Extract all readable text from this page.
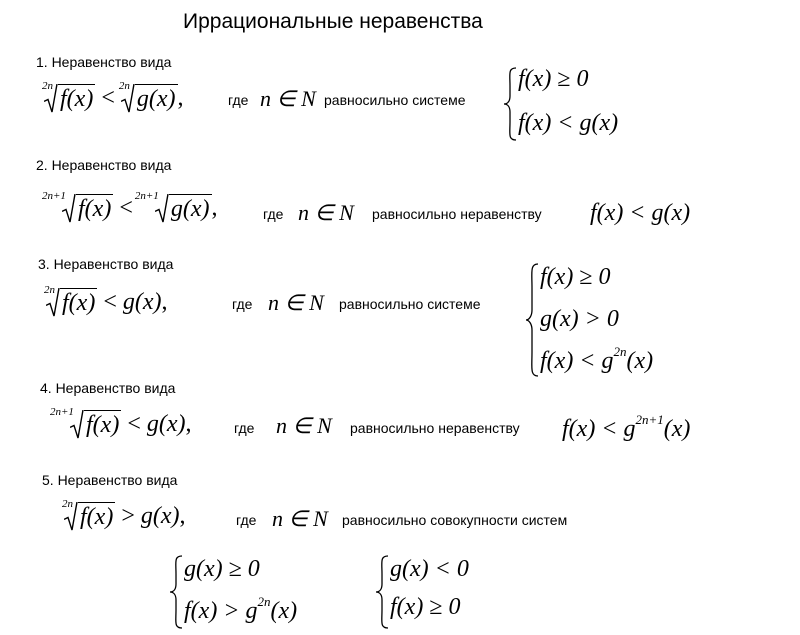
Иррациональные неравенства
1. Неравенство вида
2n f(x) < 2n g(x) ,	где n ∈ N равносильно системе
f(x) ≥ 0
f(x) < g(x)
2. Неравенство вида
2n+1 f(x) < 2n+1 g(x) ,	где n ∈ N равносильно неравенству f(x) < g(x)
3. Неравенство вида
2n f(x) < g(x) ,	где n ∈ N равносильно системе
f(x) ≥ 0
g(x) > 0
$f(x) < g^{2n}(x)$
4. Неравенство вида
2n+1 f(x) < g(x) ,	где n ∈ N равносильно неравенству $f(x) < g^{2n+1}(x)$
5. Неравенство вида
2n f(x) > g(x) ,	где n ∈ N равносильно совокупности систем
g(x) ≥ 0
$f(x) > g^{2n}(x)$
g(x) < 0
f(x) ≥ 0
